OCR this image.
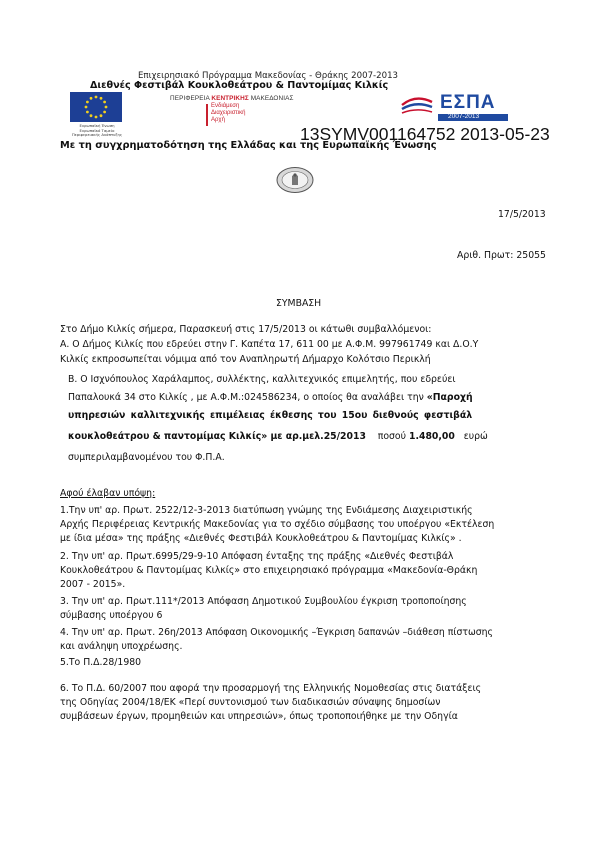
Επιχειρησιακό Πρόγραμμα Μακεδονίας - Θράκης 2007-2013
Διεθνές Φεστιβάλ Κουκλοθεάτρου & Παντομίμας Κιλκίς
Ευρωπαϊκή Ένωση
Ευρωπαϊκό Ταμείο
Περιφερειακής Ανάπτυξης
ΠΕΡΙΦΕΡΕΙΑ ΚΕΝΤΡΙΚΗΣ ΜΑΚΕΔΟΝΙΑΣ
Ενδιάμεση
Διαχειριστική
Αρχή
ΕΣΠΑ
2007-2013
13SYMV001164752 2013-05-23
Με τη συγχρηματοδότηση της Ελλάδας και της Ευρωπαϊκής Ένωσης
17/5/2013
Αριθ. Πρωτ: 25055
ΣΥΜΒΑΣΗ
Στο Δήμο Κιλκίς σήμερα, Παρασκευή στις 17/5/2013 οι κάτωθι συμβαλλόμενοι:
Α. Ο Δήμος Κιλκίς που εδρεύει στην Γ. Καπέτα 17, 611 00 με Α.Φ.Μ. 997961749 και Δ.Ο.Υ
Κιλκίς εκπροσωπείται νόμιμα από τον Αναπληρωτή Δήμαρχο Κολότσιο Περικλή
Β. Ο Ισχνόπουλος Χαράλαμπος, συλλέκτης, καλλιτεχνικός επιμελητής, που εδρεύει
Παπαλουκά 34 στο Κιλκίς , με Α.Φ.Μ.:024586234, ο οποίος θα αναλάβει την «Παροχή
υπηρεσιών καλλιτεχνικής επιμέλειας έκθεσης του 15ου διεθνούς φεστιβάλ
κουκλοθεάτρου & παντομίμας Κιλκίς» με αρ.μελ.25/2013 ποσού 1.480,00 ευρώ
συμπεριλαμβανομένου του Φ.Π.Α.
Αφού έλαβαν υπόψη:
1.Την υπ' αρ. Πρωτ. 2522/12-3-2013 διατύπωση γνώμης της Ενδιάμεσης Διαχειριστικής
Αρχής Περιφέρειας Κεντρικής Μακεδονίας για το σχέδιο σύμβασης του υποέργου «Εκτέλεση
με ίδια μέσα» της πράξης «Διεθνές Φεστιβάλ Κουκλοθεάτρου & Παντομίμας Κιλκίς» .
2. Την υπ' αρ. Πρωτ.6995/29-9-10 Απόφαση ένταξης της πράξης «Διεθνές Φεστιβάλ
Κουκλοθεάτρου & Παντομίμας Κιλκίς» στο επιχειρησιακό πρόγραμμα «Μακεδονία-Θράκη
2007 - 2015».
3. Την υπ' αρ. Πρωτ.111*/2013 Απόφαση Δημοτικού Συμβουλίου έγκριση τροποποίησης
σύμβασης υποέργου 6
4. Την υπ' αρ. Πρωτ. 26η/2013 Απόφαση Οικονομικής –Έγκριση δαπανών –διάθεση πίστωσης
και ανάληψη υποχρέωσης.
5.Το Π.Δ.28/1980
6. Το Π.Δ. 60/2007 που αφορά την προσαρμογή της Ελληνικής Νομοθεσίας στις διατάξεις
της Οδηγίας 2004/18/ΕΚ «Περί συντονισμού των διαδικασιών σύναψης δημοσίων
συμβάσεων έργων, προμηθειών και υπηρεσιών», όπως τροποποιήθηκε με την Οδηγία
